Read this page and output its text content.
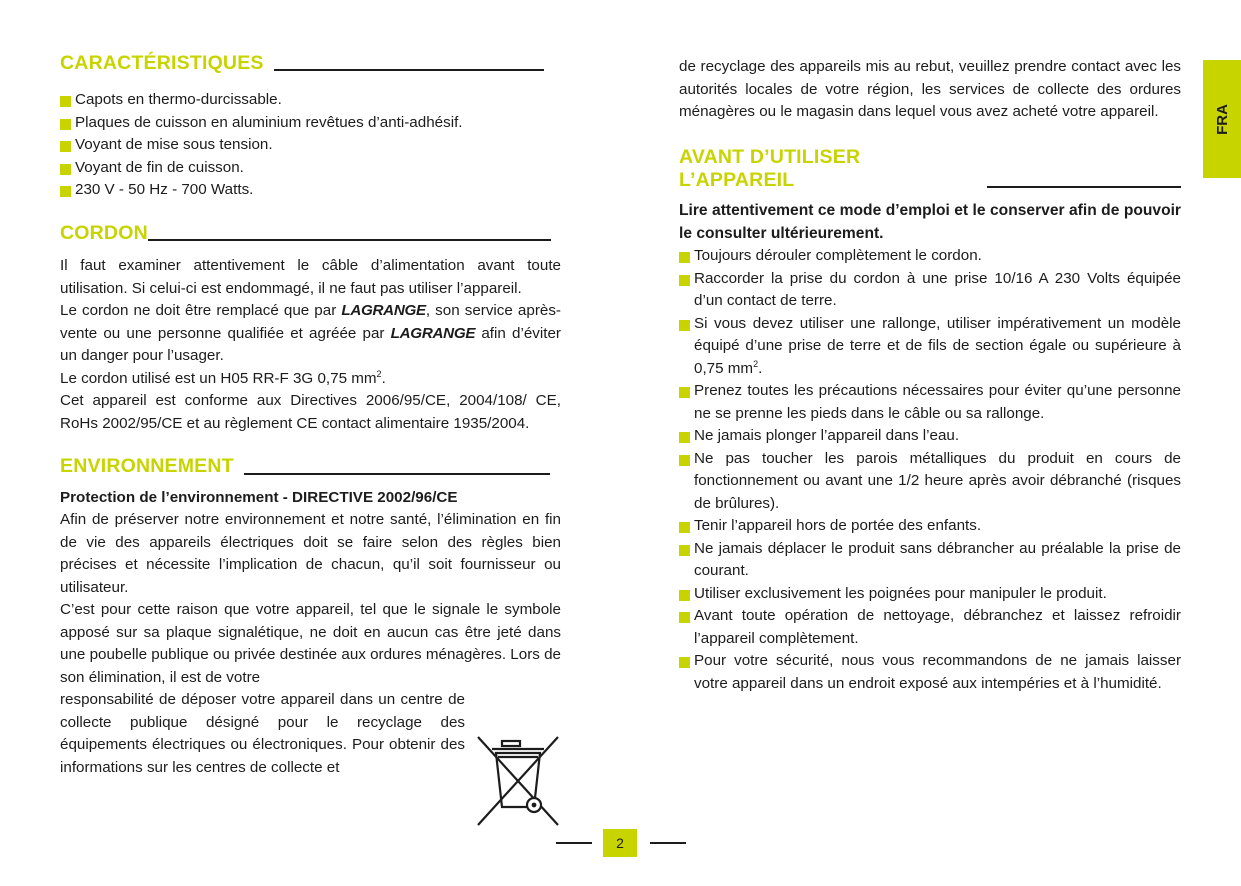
CARACTÉRISTIQUES
Capots en thermo-durcissable.
Plaques de cuisson en aluminium revêtues d’anti-adhésif.
Voyant de mise sous tension.
Voyant de fin de cuisson.
230 V - 50 Hz - 700 Watts.
CORDON

Il faut examiner attentivement le câble d’alimentation avant toute utilisation. Si celui-ci est endommagé, il ne faut pas utiliser l’appareil.

Le cordon ne doit être remplacé que par LAGRANGE, son service après-vente ou une personne qualifiée et agréée par LAGRANGE afin d’éviter un danger pour l’usager.

Le cordon utilisé est un H05 RR-F 3G 0,75 $mm^2$.

Cet appareil est conforme aux Directives 2006/95/CE, 2004/108/ CE, RoHs 2002/95/CE et au règlement CE contact alimentaire 1935/2004.

ENVIRONNEMENT

Protection de l’environnement - DIRECTIVE 2002/96/CE

Afin de préserver notre environnement et notre santé, l’élimination en fin de vie des appareils électriques doit se faire selon des règles bien précises et nécessite l’implication de chacun, qu’il soit fournisseur ou utilisateur.

C’est pour cette raison que votre appareil, tel que le signale le symbole apposé sur sa plaque signalétique, ne doit en aucun cas être jeté dans une poubelle publique ou privée destinée aux ordures ménagères. Lors de son élimination, il est de votre

responsabilité de déposer votre appareil dans un centre de collecte publique désigné pour le recyclage des équipements électriques ou électroniques. Pour obtenir des informations sur les centres de collecte et

de recyclage des appareils mis au rebut, veuillez prendre contact avec les autorités locales de votre région, les services de collecte des ordures ménagères ou le magasin dans lequel vous avez acheté votre appareil.

AVANT D’UTILISER L’APPAREIL

Lire attentivement ce mode d’emploi et le conserver afin de pouvoir le consulter ultérieurement.

Toujours dérouler complètement le cordon.
Raccorder la prise du cordon à une prise 10/16 A 230 Volts équipée d’un contact de terre.
Si vous devez utiliser une rallonge, utiliser impérativement un modèle équipé d’une prise de terre et de fils de section égale ou supérieure à 0,75 $mm^2$.
Prenez toutes les précautions nécessaires pour éviter qu’une personne ne se prenne les pieds dans le câble ou sa rallonge.
Ne jamais plonger l’appareil dans l’eau.
Ne pas toucher les parois métalliques du produit en cours de fonctionnement ou avant une 1/2 heure après avoir débranché (risques de brûlures).
Tenir l’appareil hors de portée des enfants.
Ne jamais déplacer le produit sans débrancher au préalable la prise de courant.
Utiliser exclusivement les poignées pour manipuler le produit.
Avant toute opération de nettoyage, débranchez et laissez refroidir l’appareil complètement.
Pour votre sécurité, nous vous recommandons de ne jamais laisser votre appareil dans un endroit exposé aux intempéries et à l’humidité.
FRA
2
